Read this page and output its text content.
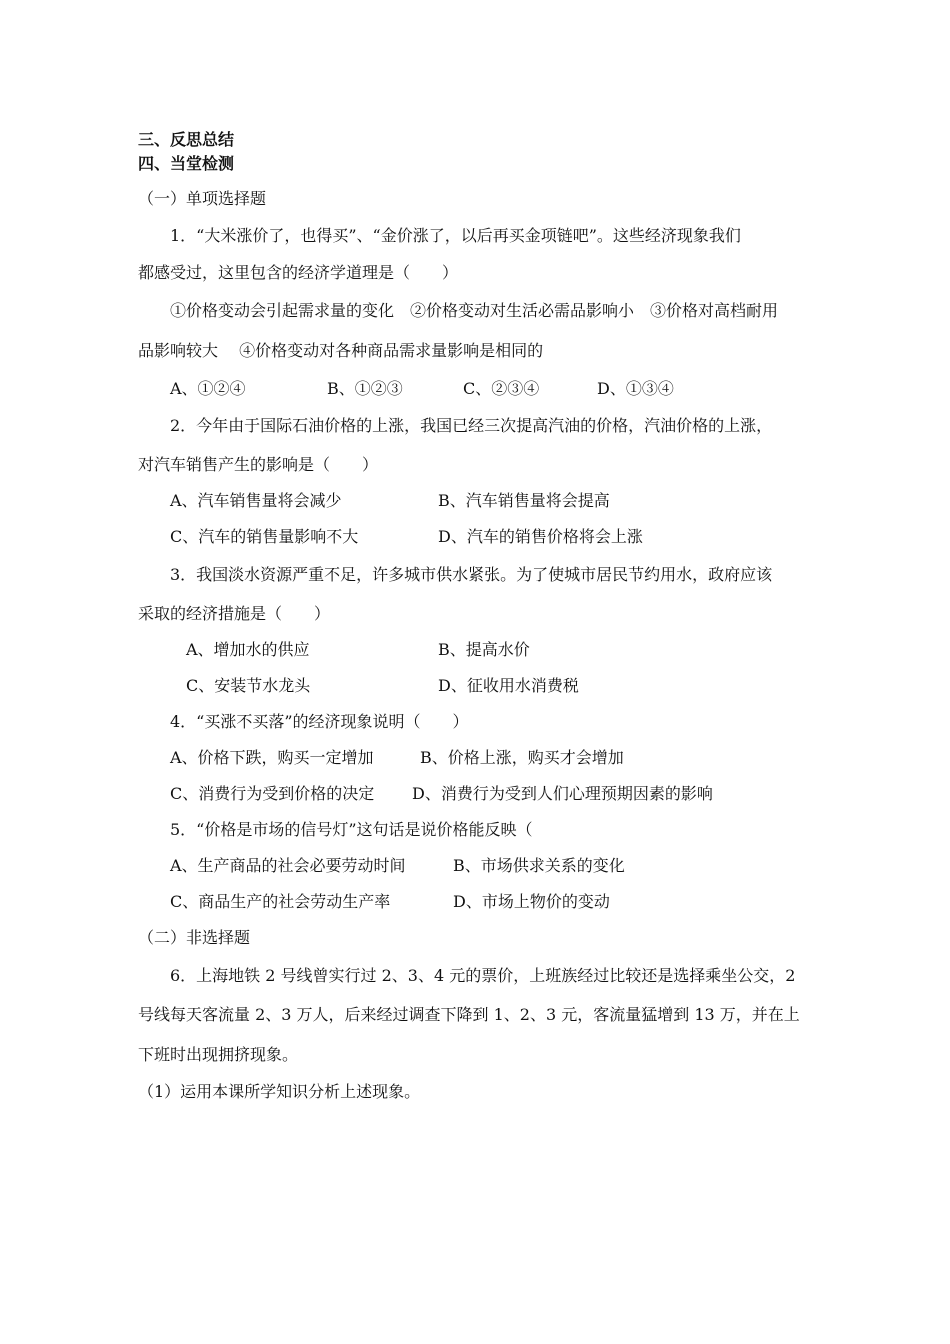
三、反思总结
四、当堂检测
（一）单项选择题
1．“大米涨价了，也得买”、“金价涨了，以后再买金项链吧”。这些经济现象我们
都感受过，这里包含的经济学道理是（　　）
①价格变动会引起需求量的变化　②价格变动对生活必需品影响小　③价格对高档耐用
品影响较大　 ④价格变动对各种商品需求量影响是相同的
A、①②④	B、①②③	C、②③④	D、①③④
2．今年由于国际石油价格的上涨，我国已经三次提高汽油的价格，汽油价格的上涨，
对汽车销售产生的影响是（　　）
A、汽车销售量将会减少	B、汽车销售量将会提高
C、汽车的销售量影响不大	D、汽车的销售价格将会上涨
3．我国淡水资源严重不足，许多城市供水紧张。为了使城市居民节约用水，政府应该
采取的经济措施是（　　）
A、增加水的供应	B、提高水价
C、安装节水龙头	D、征收用水消费税
4．“买涨不买落”的经济现象说明（　　）
A、价格下跌，购买一定增加	B、价格上涨，购买才会增加
C、消费行为受到价格的决定 D、消费行为受到人们心理预期因素的影响
5．“价格是市场的信号灯”这句话是说价格能反映（
A、生产商品的社会必要劳动时间	B、市场供求关系的变化
C、商品生产的社会劳动生产率	D、市场上物价的变动
（二）非选择题
6．上海地铁 2 号线曾实行过 2、3、4 元的票价，上班族经过比较还是选择乘坐公交，2
号线每天客流量 2、3 万人，后来经过调查下降到 1、2、3 元，客流量猛增到 13 万，并在上
下班时出现拥挤现象。
（1）运用本课所学知识分析上述现象。
